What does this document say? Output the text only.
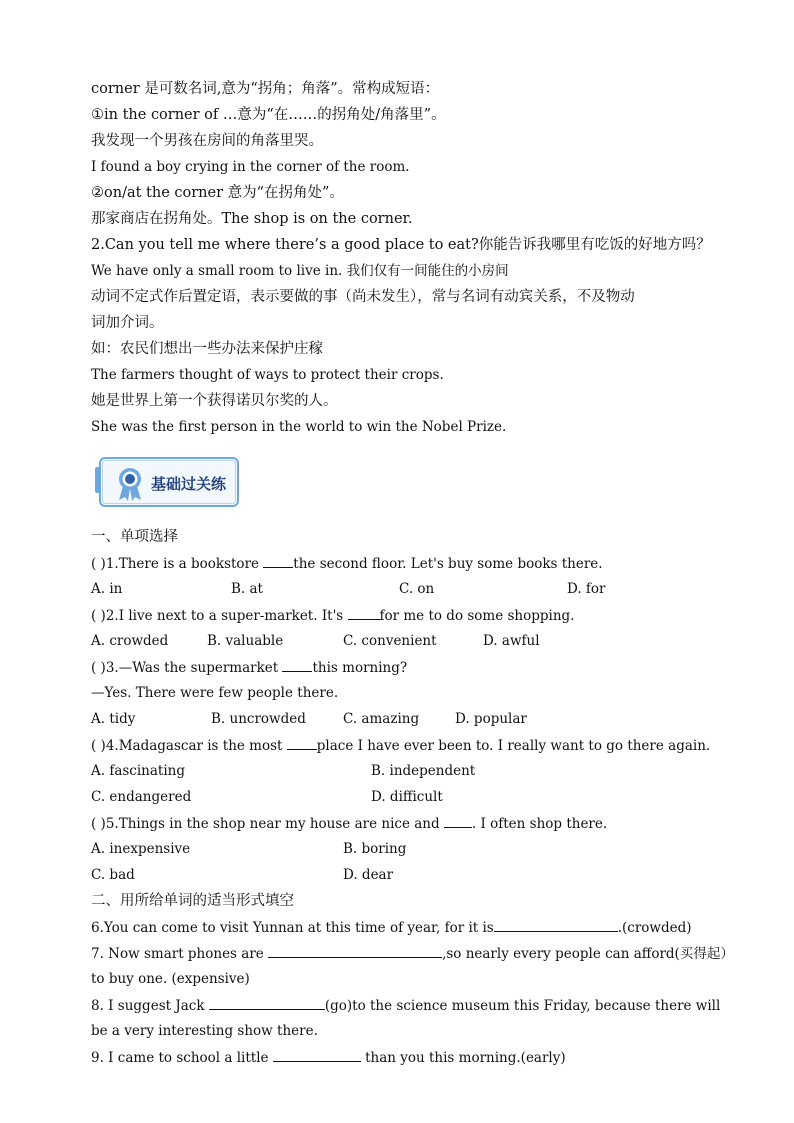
corner 是可数名词,意为“拐角；角落”。常构成短语：
①in the corner of …意为“在……的拐角处/角落里”。
我发现一个男孩在房间的角落里哭。
I found a boy crying in the corner of the room.
②on/at the corner 意为“在拐角处”。
那家商店在拐角处。The shop is on the corner.
2.Can you tell me where there’s a good place to eat?你能告诉我哪里有吃饭的好地方吗？
We have only a small room to live in. 我们仅有一间能住的小房间
动词不定式作后置定语，表示要做的事（尚未发生），常与名词有动宾关系，不及物动
词加介词。
如：农民们想出一些办法来保护庄稼
The farmers thought of ways to protect their crops.
她是世界上第一个获得诺贝尔奖的人。
She was the first person in the world to win the Nobel Prize.
基础过关练
一、单项选择
( )1.There is a bookstore the second floor. Let's buy some books there.
A. in	B. at	C. on	D. for
( )2.I live next to a super-market. It's for me to do some shopping.
A. crowded	B. valuable	C. convenient	D. awful
( )3.—Was the supermarket this morning?
—Yes. There were few people there.
A. tidy	B. uncrowded	C. amazing	D. popular
( )4.Madagascar is the most place I have ever been to. I really want to go there again.
A. fascinating	B. independent
C. endangered	D. difficult
( )5.Things in the shop near my house are nice and . I often shop there.
A. inexpensive	B. boring
C. bad	D. dear
二、用所给单词的适当形式填空
6.You can come to visit Yunnan at this time of year, for it is	.(crowded)
7. Now smart phones are	,so nearly every people can afford(买得起）
to buy one. (expensive)
8. I suggest Jack	(go)to the science museum this Friday, because there will
be a very interesting show there.
9. I came to school a little	than you this morning.(early)
